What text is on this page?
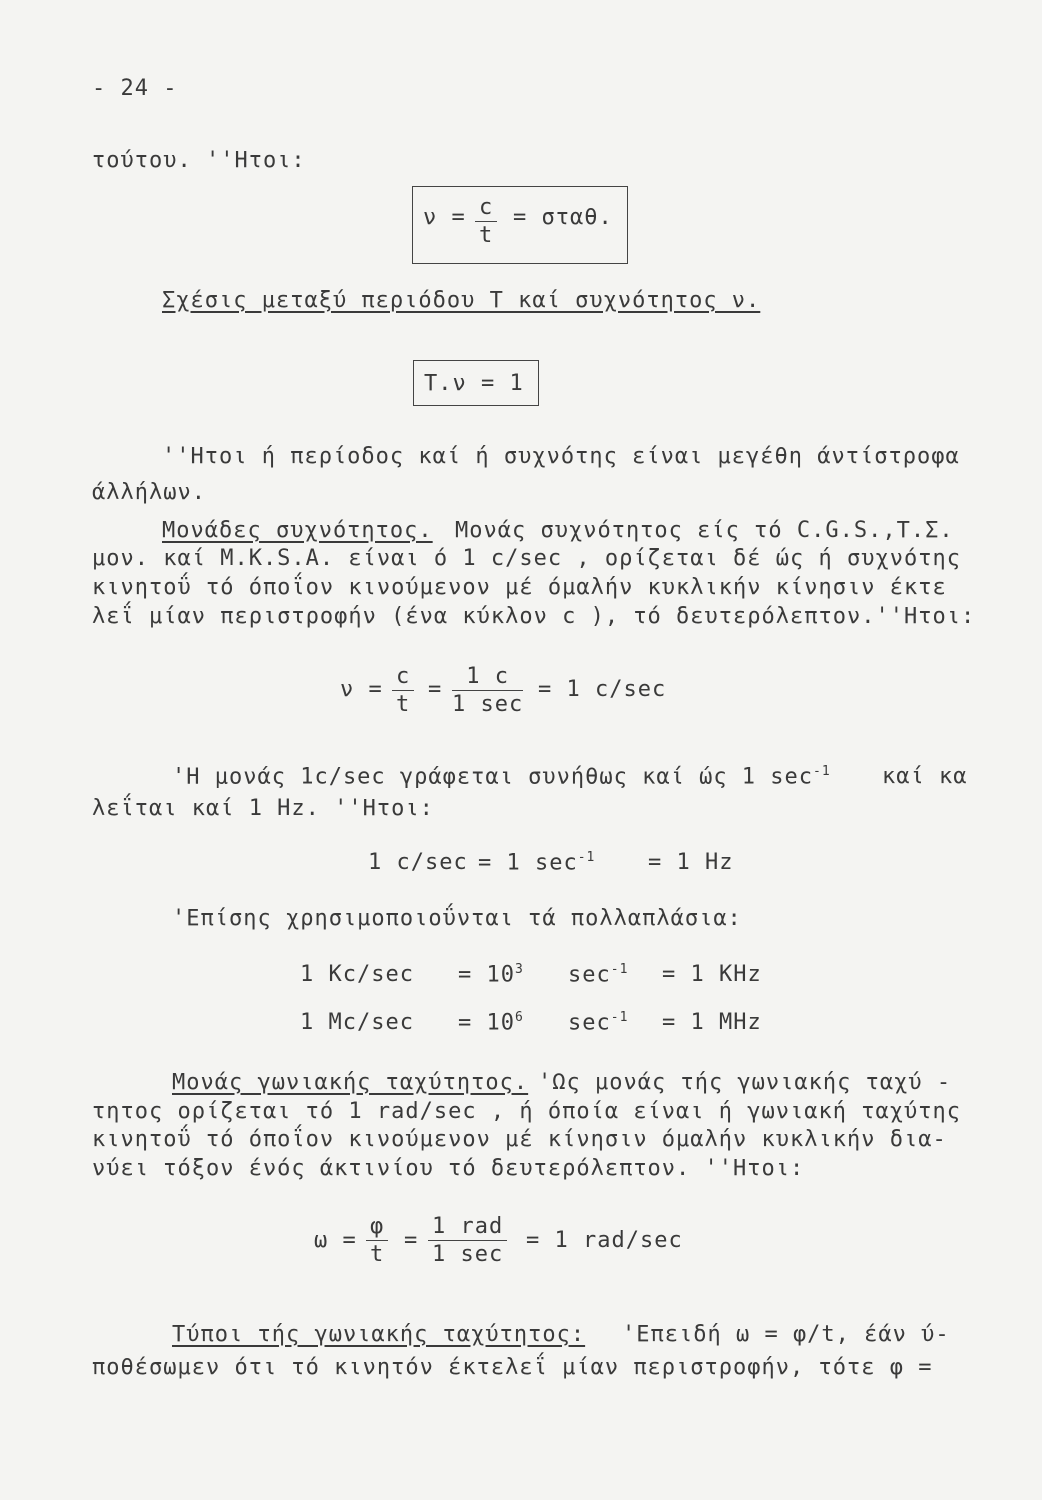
- 24 -
τούτου. ''Ητοι:
$\nu = \frac{c}{t} = \sigma\tau\alpha\theta$.
Σχέσις μεταξύ περιόδου Τ καί συχνότητος ν.
Τ.ν = 1
''Ητοι ή περίοδος καί ή συχνότης είναι μεγέθη άντίστροφα
άλλήλων.
Μονάδες συχνότητος. Μονάς συχνότητος είς τό C.G.S.,Τ.Σ.
μον. καί M.K.S.A. είναι ό 1 c/sec , ορίζεται δέ ώς ή συχνότης
κινητοΰ τό όποΐον κινούμενον μέ όμαλήν κυκλικήν κίνησιν έκτε
λεΐ μίαν περιστροφήν (ένα κύκλον c ), τό δευτερόλεπτον.''Ητοι:
$\nu = \frac{c}{t}$ =
1 c
1 sec
= 1 c/sec
'Η μονάς 1c/sec γράφεται συνήθως καί ώς 1 $\sec^{-1} \kappa\alpha ί$ κα
λεΐται καί 1 Hz. ''Ητοι:
1 c/sec = 1 $\sec^{-1} = 1$ Hz
'Επίσης χρησιμοποιοΰνται τά πολλαπλάσια:
1 $Kc/\sec = 10^3$ $\sec^{-1} = 1$ KHz
1 $Mc/\sec = 10^6$ $\sec^{-1} = 1$ MHz
Μονάς γωνιακής ταχύτητος. 'Ως μονάς τής γωνιακής ταχύ -
τητος ορίζεται τό 1 rad/sec , ή όποία είναι ή γωνιακή ταχύτης
κινητοΰ τό όποΐον κινούμενον μέ κίνησιν όμαλήν κυκλικήν δια-
νύει τόξον ένός άκτινίου τό δευτερόλεπτον. ''Ητοι:
$\omega = \frac{\varphi}{t}$ =
1 rad
1 sec
= 1 rad/sec
Τύποι τής γωνιακής ταχύτητος: 'Επειδή ω = φ/t, έάν ύ-
ποθέσωμεν ότι τό κινητόν έκτελεΐ μίαν περιστροφήν, τότε φ =
